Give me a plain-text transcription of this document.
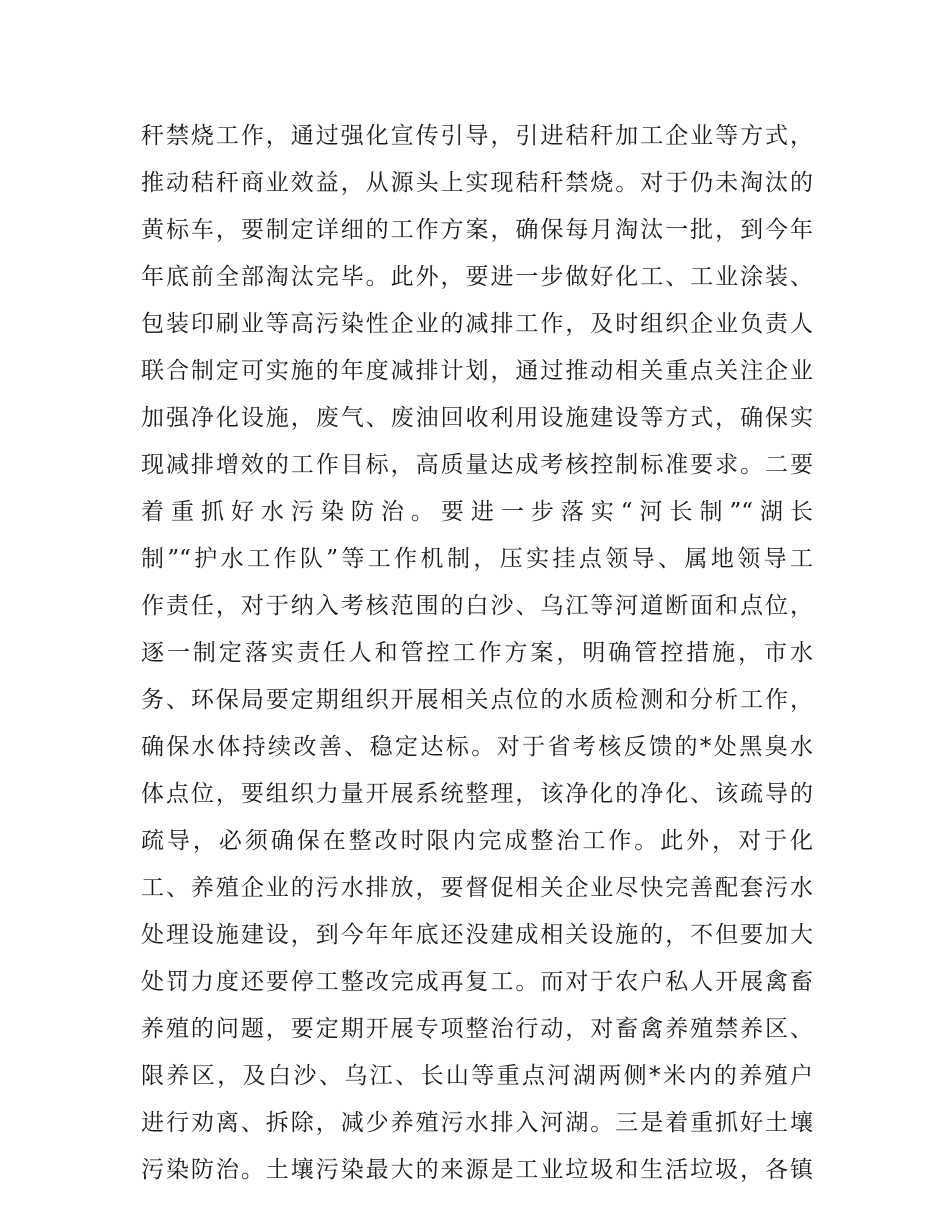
秆禁烧工作，通过强化宣传引导，引进秸秆加工企业等方式，
推动秸秆商业效益，从源头上实现秸秆禁烧。对于仍未淘汰的
黄标车，要制定详细的工作方案，确保每月淘汰一批，到今年
年底前全部淘汰完毕。此外，要进一步做好化工、工业涂装、
包装印刷业等高污染性企业的减排工作，及时组织企业负责人
联合制定可实施的年度减排计划，通过推动相关重点关注企业
加强净化设施，废气、废油回收利用设施建设等方式，确保实
现减排增效的工作目标，高质量达成考核控制标准要求。二要
着重抓好水污染防治。要进一步落实“河长制”“湖长
制”“护水工作队”等工作机制，压实挂点领导、属地领导工
作责任，对于纳入考核范围的白沙、乌江等河道断面和点位，
逐一制定落实责任人和管控工作方案，明确管控措施，市水
务、环保局要定期组织开展相关点位的水质检测和分析工作，
确保水体持续改善、稳定达标。对于省考核反馈的*处黑臭水
体点位，要组织力量开展系统整理，该净化的净化、该疏导的
疏导，必须确保在整改时限内完成整治工作。此外，对于化
工、养殖企业的污水排放，要督促相关企业尽快完善配套污水
处理设施建设，到今年年底还没建成相关设施的，不但要加大
处罚力度还要停工整改完成再复工。而对于农户私人开展禽畜
养殖的问题，要定期开展专项整治行动，对畜禽养殖禁养区、
限养区，及白沙、乌江、长山等重点河湖两侧*米内的养殖户
进行劝离、拆除，减少养殖污水排入河湖。三是着重抓好土壤
污染防治。土壤污染最大的来源是工业垃圾和生活垃圾，各镇
